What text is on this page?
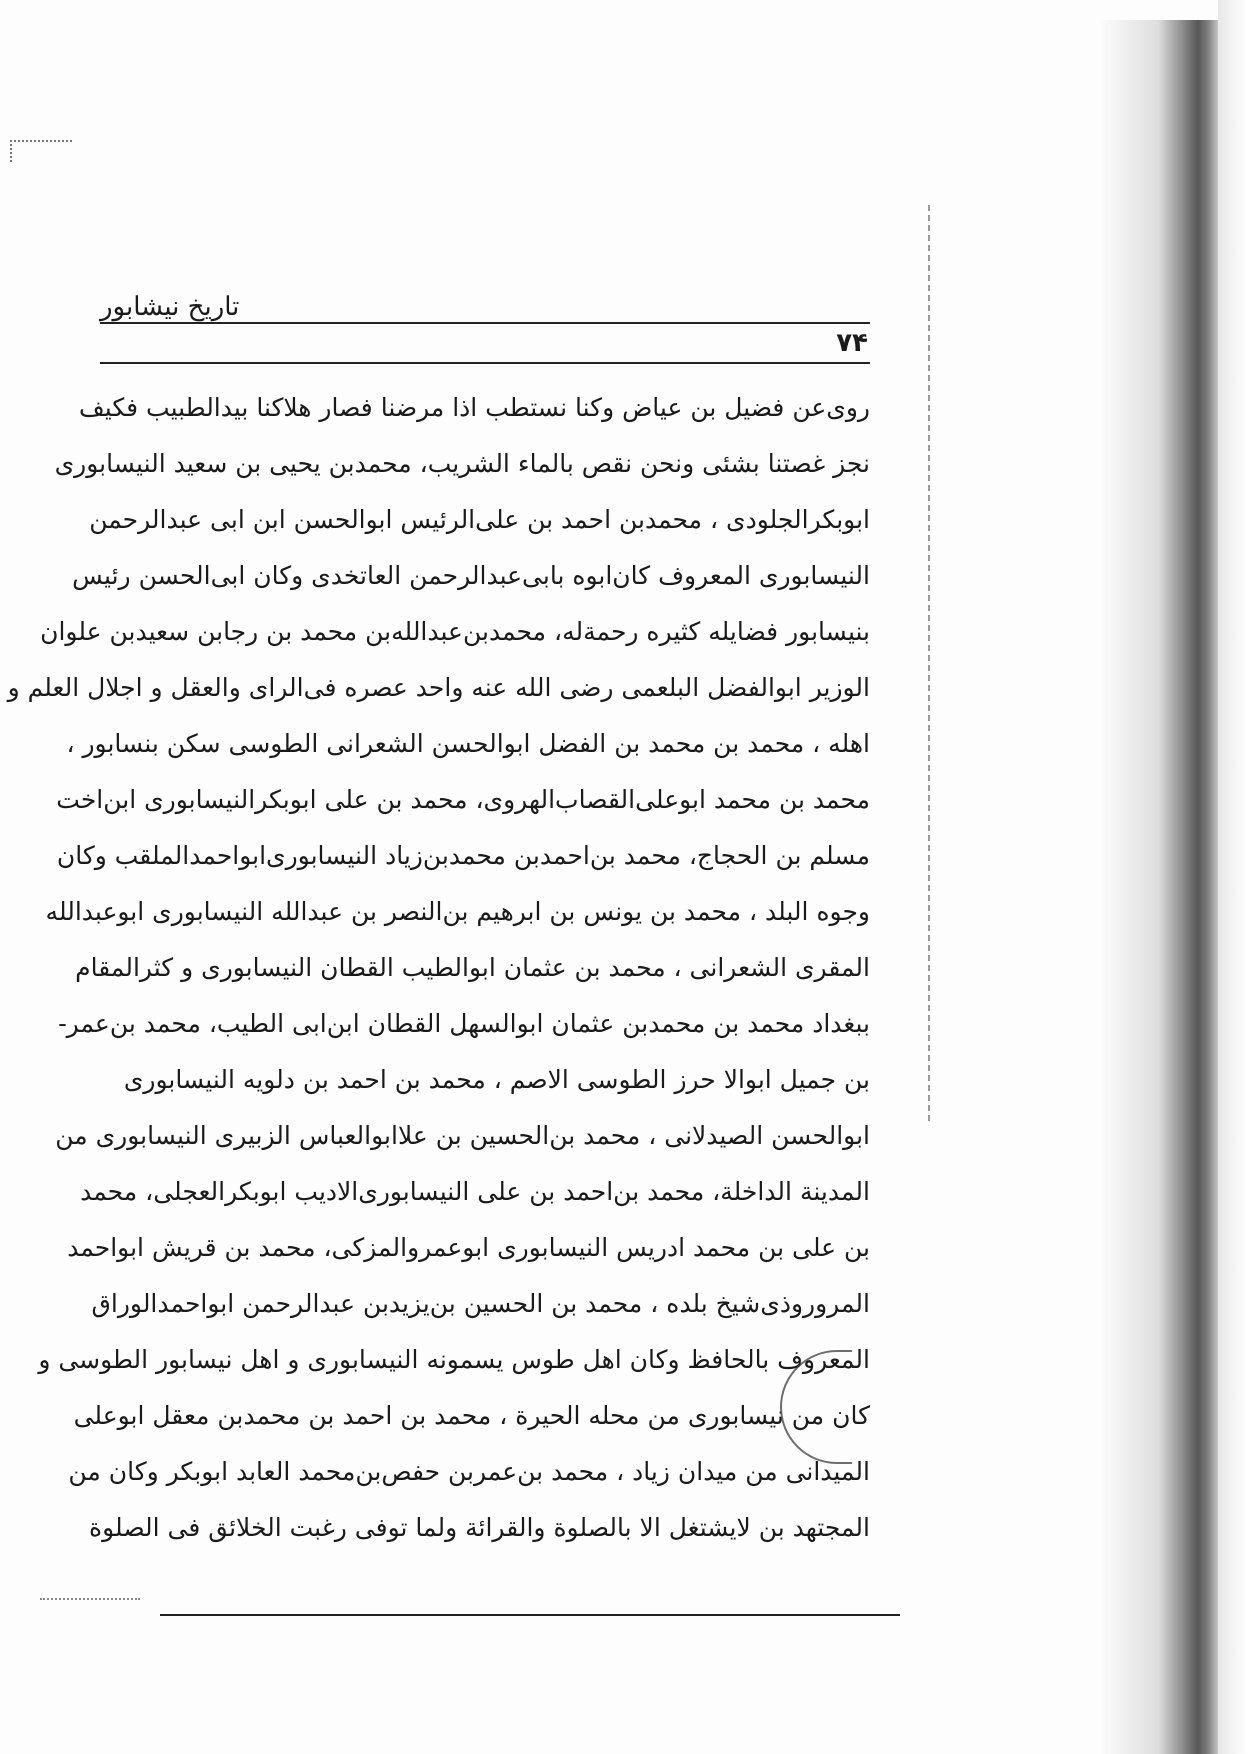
تاریخ نیشابور
۷۴
روی‌عن فضیل بن عیاض وکنا نستطب اذا مرضنا فصار هلاکنا بیدالطبیب فکیف
نجز غصتنا بشئی ونحن نقص بالماء الشریب، محمدبن یحیی بن سعید النیسابوری
ابوبکرالجلودی ، محمدبن احمد بن علی‌الرئیس ابوالحسن ابن ابی عبدالرحمن
النیسابوری المعروف کان‌ابوه بابی‌عبدالرحمن العاتخدی وکان ابی‌الحسن رئیس
بنیسابور فضایله کثیره رحمةله، محمدبن‌عبدالله‌بن محمد بن رجابن سعیدبن علوان
الوزیر ابوالفضل البلعمی رضی الله عنه واحد عصره فی‌الرای والعقل و اجلال العلم و
اهله ، محمد بن محمد بن الفضل ابوالحسن الشعرانی الطوسی سکن بنسابور ،
محمد بن محمد ابوعلی‌القصاب‌الهروی، محمد بن علی ابوبکرالنیسابوری ابن‌اخت
مسلم بن الحجاج، محمد بن‌احمدبن محمدبن‌زیاد النیسابوری‌ابواحمدالملقب وکان
وجوه البلد ، محمد بن یونس بن ابرهیم بن‌النصر بن عبدالله النیسابوری ابوعبدالله
المقری الشعرانی ، محمد بن عثمان ابوالطیب القطان النیسابوری و کثرالمقام
ببغداد محمد بن محمدبن عثمان ابوالسهل القطان ابن‌ابی الطیب، محمد بن‌عمر-
بن جمیل ابوالا حرز الطوسی الاصم ، محمد بن احمد بن دلویه النیسابوری
ابوالحسن الصیدلانی ، محمد بن‌الحسین بن علاابوالعباس الزبیری النیسابوری من
المدینة الداخلة، محمد بن‌احمد بن علی النیسابوری‌الادیب ابوبکرالعجلی، محمد
بن علی بن محمد ادریس النیسابوری ابوعمروالمزکی، محمد بن قریش ابواحمد
المروروذی‌شیخ بلده ، محمد بن الحسین بن‌یزیدبن عبدالرحمن ابواحمدالوراق
المعروف بالحافظ وکان اهل طوس یسمونه النیسابوری و اهل نیسابور الطوسی و
کان من نیسابوری من محله الحیرة ، محمد بن احمد بن محمدبن معقل ابوعلی
المیدانی من میدان زیاد ، محمد بن‌عمربن حفص‌بن‌محمد العابد ابوبکر وکان من
المجتهد بن لایشتغل الا بالصلوة والقرائة ولما توفی رغبت الخلائق فی الصلوة
